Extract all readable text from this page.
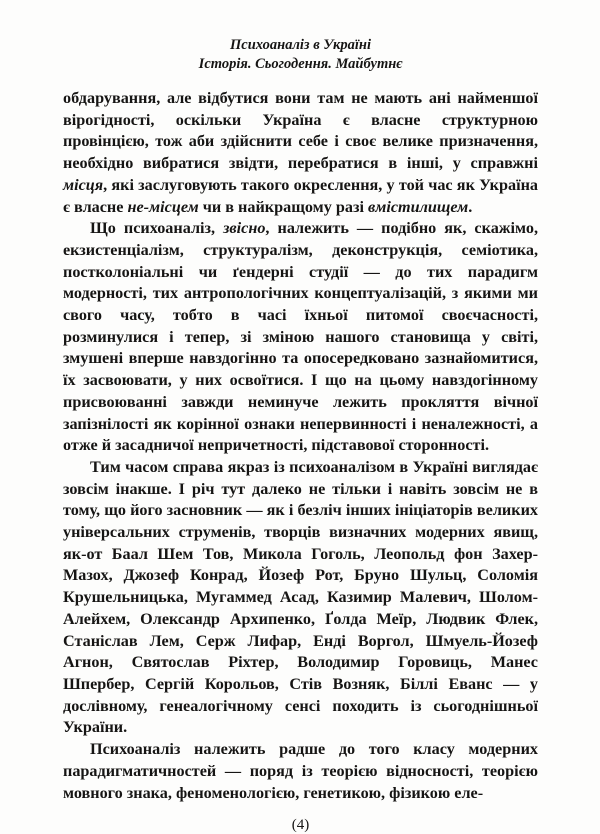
Психоаналіз в Україні
Історія. Сьогодення. Майбутнє

обдарування, але відбутися вони там не мають ані найменшої вірогідності, оскільки Україна є власне структурною провінцією, тож аби здійснити себе і своє велике призначення, необхідно вибратися звідти, перебратися в інші, у справжні місця, які заслуговують такого окреслення, у той час як Україна є власне не-місцем чи в найкращому разі вмістилищем.

Що психоаналіз, звісно, належить — подібно як, скажімо, екзистенціалізм, структуралізм, деконструкція, семіотика, постколоніальні чи ґендерні студії — до тих парадигм модерності, тих антропологічних концептуалізацій, з якими ми свого часу, тобто в часі їхньої питомої своєчасності, розминулися і тепер, зі зміною нашого становища у світі, змушені вперше навздогінно та опосередковано зазнайомитися, їх засвоювати, у них освоїтися. І що на цьому навздогінному присвоюванні завжди неминуче лежить прокляття вічної запізнілості як корінної ознаки непервинності і неналежності, а отже й засадничої непричетності, підставової сторонності.

Тим часом справа якраз із психоаналізом в Україні виглядає зовсім інакше. І річ тут далеко не тільки і навіть зовсім не в тому, що його засновник — як і безліч інших ініціаторів великих універсальних струменів, творців визначних модерних явищ, як-от Баал Шем Тов, Микола Гоголь, Леопольд фон Захер-Мазох, Джозеф Конрад, Йозеф Рот, Бруно Шульц, Соломія Крушельницька, Мугаммед Асад, Казимир Малевич, Шолом-Алейхем, Олександр Архипенко, Ґолда Меїр, Людвик Флек, Станіслав Лем, Серж Лифар, Енді Воргол, Шмуель-Йозеф Агнон, Святослав Ріхтер, Володимир Горовиць, Манес Шпербер, Сергій Корольов, Стів Возняк, Біллі Еванс — у дослівному, генеалогічному сенсі походить із сьогоднішньої України.

Психоаналіз належить радше до того класу модерних парадигматичностей — поряд із теорією відносності, теорією мовного знака, феноменологією, генетикою, фізикою еле-

(4)
